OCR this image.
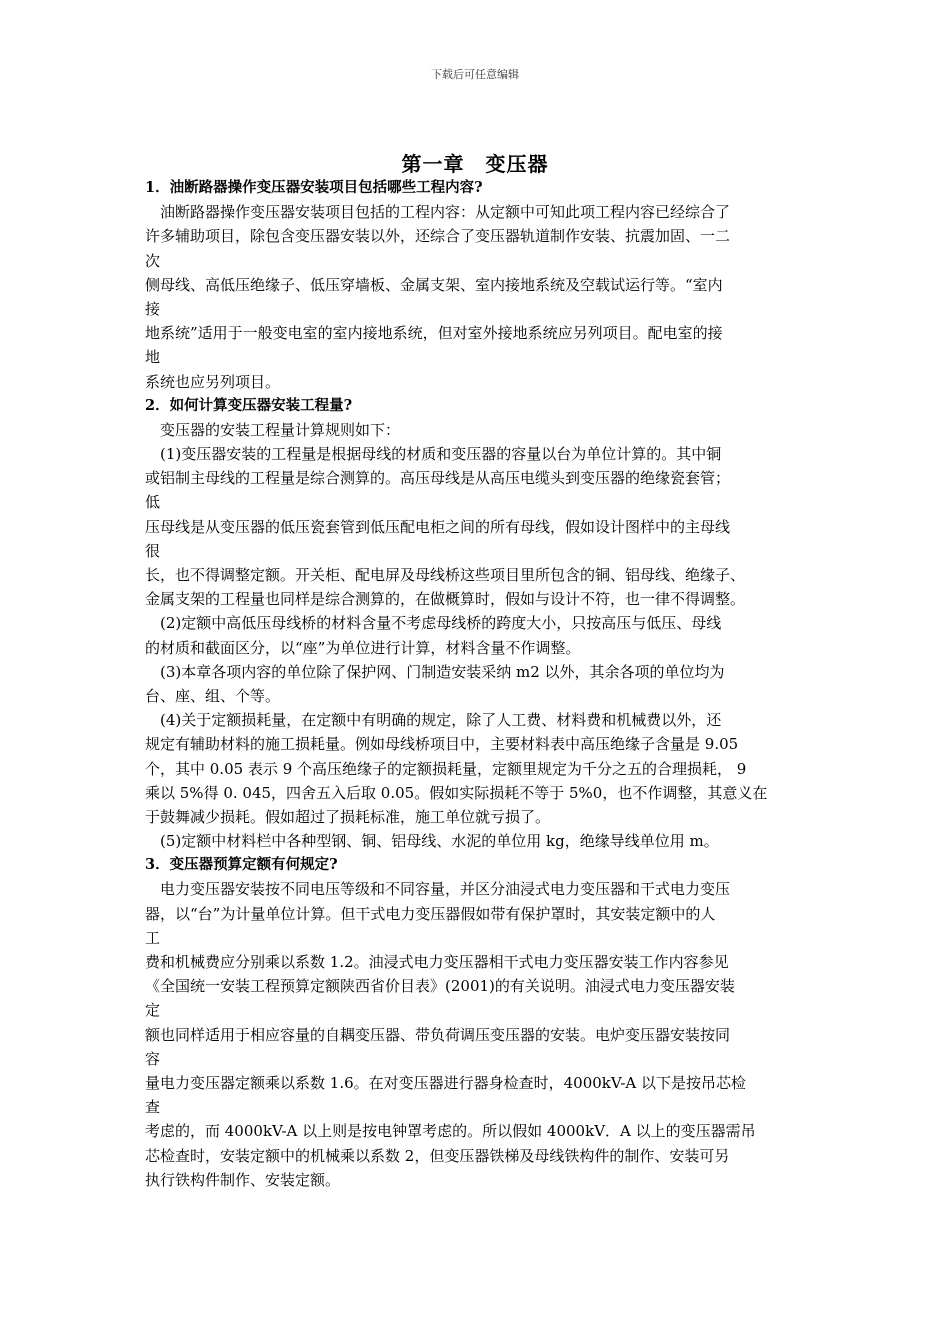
下载后可任意编辑
第一章　变压器
1．油断路器操作变压器安装项目包括哪些工程内容?
油断路器操作变压器安装项目包括的工程内容：从定额中可知此项工程内容已经综合了
许多辅助项目，除包含变压器安装以外，还综合了变压器轨道制作安装、抗震加固、一二
次
侧母线、高低压绝缘子、低压穿墙板、金属支架、室内接地系统及空载试运行等。“室内
接
地系统”适用于一般变电室的室内接地系统，但对室外接地系统应另列项目。配电室的接
地
系统也应另列项目。
2．如何计算变压器安装工程量?
变压器的安装工程量计算规则如下：
(1)变压器安装的工程量是根据母线的材质和变压器的容量以台为单位计算的。其中铜
或铝制主母线的工程量是综合测算的。高压母线是从高压电缆头到变压器的绝缘瓷套管；
低
压母线是从变压器的低压瓷套管到低压配电柜之间的所有母线，假如设计图样中的主母线
很
长，也不得调整定额。开关柜、配电屏及母线桥这些项目里所包含的铜、铝母线、绝缘子、
金属支架的工程量也同样是综合测算的，在做概算时，假如与设计不符，也一律不得调整。
(2)定额中高低压母线桥的材料含量不考虑母线桥的跨度大小，只按高压与低压、母线
的材质和截面区分，以“座”为单位进行计算，材料含量不作调整。
(3)本章各项内容的单位除了保护网、门制造安装采纳 m2 以外，其余各项的单位均为
台、座、组、个等。
(4)关于定额损耗量，在定额中有明确的规定，除了人工费、材料费和机械费以外，还
规定有辅助材料的施工损耗量。例如母线桥项目中，主要材料表中高压绝缘子含量是 9.05
个，其中 0.05 表示 9 个高压绝缘子的定额损耗量，定额里规定为千分之五的合理损耗， 9
乘以 5%得 0. 045，四舍五入后取 0.05。假如实际损耗不等于 5%0，也不作调整，其意义在
于鼓舞减少损耗。假如超过了损耗标准，施工单位就亏损了。
(5)定额中材料栏中各种型钢、铜、铝母线、水泥的单位用 kg，绝缘导线单位用 m。
3．变压器预算定额有何规定?
电力变压器安装按不同电压等级和不同容量，并区分油浸式电力变压器和干式电力变压
器，以“台”为计量单位计算。但干式电力变压器假如带有保护罩时，其安装定额中的人
工
费和机械费应分别乘以系数 1.2。油浸式电力变压器相干式电力变压器安装工作内容参见
《全国统一安装工程预算定额陕西省价目表》(2001)的有关说明。油浸式电力变压器安装
定
额也同样适用于相应容量的自耦变压器、带负荷调压变压器的安装。电炉变压器安装按同
容
量电力变压器定额乘以系数 1.6。在对变压器进行器身检查时，4000kV-A 以下是按吊芯检
查
考虑的，而 4000kV-A 以上则是按电钟罩考虑的。所以假如 4000kV．A 以上的变压器需吊
芯检查时，安装定额中的机械乘以系数 2，但变压器铁梯及母线铁构件的制作、安装可另
执行铁构件制作、安装定额。
